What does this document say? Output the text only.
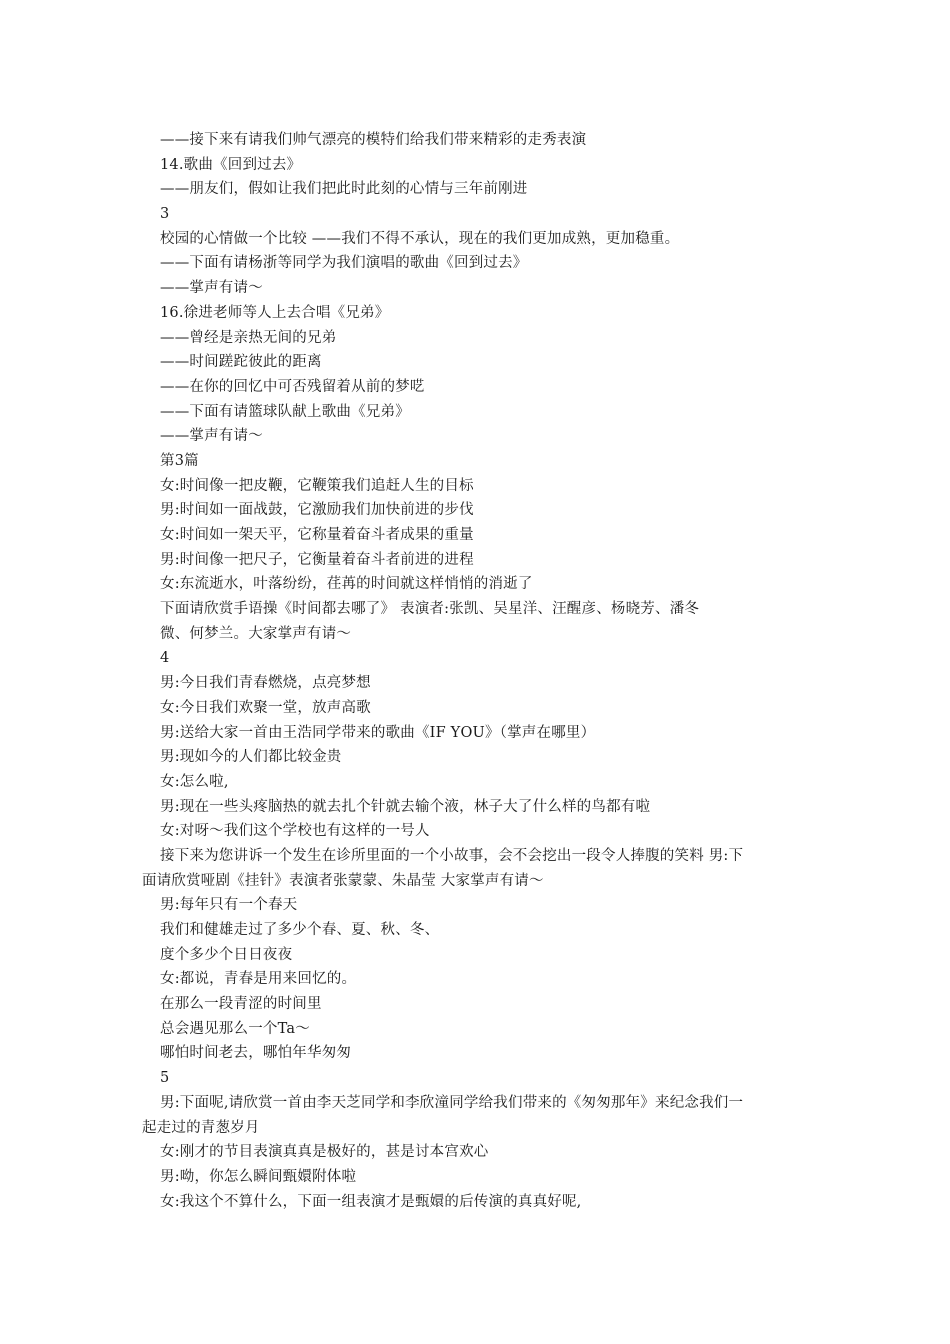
——接下来有请我们帅气漂亮的模特们给我们带来精彩的走秀表演
14.歌曲《回到过去》
——朋友们，假如让我们把此时此刻的心情与三年前刚进
3
校园的心情做一个比较 ——我们不得不承认，现在的我们更加成熟，更加稳重。
——下面有请杨浙等同学为我们演唱的歌曲《回到过去》
——掌声有请～
16.徐进老师等人上去合唱《兄弟》
——曾经是亲热无间的兄弟
——时间蹉跎彼此的距离
——在你的回忆中可否残留着从前的梦呓
——下面有请篮球队献上歌曲《兄弟》
——掌声有请～
第3篇
女:时间像一把皮鞭，它鞭策我们追赶人生的目标
男:时间如一面战鼓，它激励我们加快前进的步伐
女:时间如一架天平，它称量着奋斗者成果的重量
男:时间像一把尺子，它衡量着奋斗者前进的进程
女:东流逝水，叶落纷纷，荏苒的时间就这样悄悄的消逝了
下面请欣赏手语操《时间都去哪了》 表演者:张凯、吴星洋、汪醒彦、杨晓芳、潘冬
微、何梦兰。大家掌声有请～
4
男:今日我们青春燃烧，点亮梦想
女:今日我们欢聚一堂，放声高歌
男:送给大家一首由王浩同学带来的歌曲《IF YOU》（掌声在哪里）
男:现如今的人们都比较金贵
女:怎么啦,
男:现在一些头疼脑热的就去扎个针就去输个液，林子大了什么样的鸟都有啦
女:对呀～我们这个学校也有这样的一号人
接下来为您讲诉一个发生在诊所里面的一个小故事，会不会挖出一段令人捧腹的笑料 男:下
面请欣赏哑剧《挂针》表演者张蒙蒙、朱晶莹 大家掌声有请～
男:每年只有一个春天
我们和健雄走过了多少个春、夏、秋、冬、
度个多少个日日夜夜
女:都说，青春是用来回忆的。
在那么一段青涩的时间里
总会遇见那么一个Ta～
哪怕时间老去，哪怕年华匆匆
5
男:下面呢,请欣赏一首由李天芝同学和李欣潼同学给我们带来的《匆匆那年》来纪念我们一
起走过的青葱岁月
女:刚才的节目表演真真是极好的，甚是讨本宫欢心
男:呦，你怎么瞬间甄嬛附体啦
女:我这个不算什么，下面一组表演才是甄嬛的后传演的真真好呢,
